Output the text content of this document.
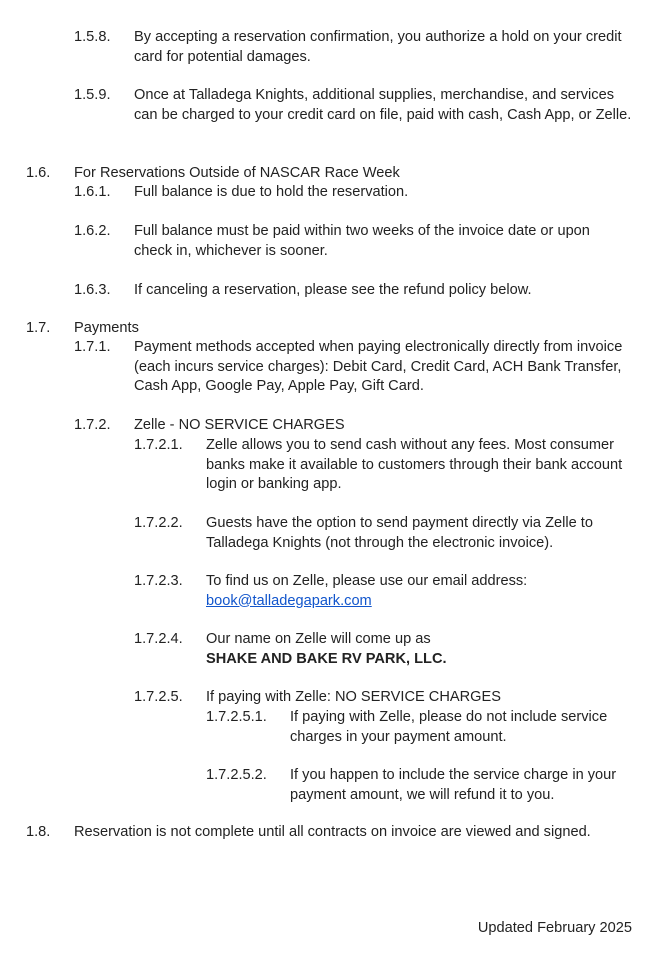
1.5.8.	By accepting a reservation confirmation, you authorize a hold on your credit card for potential damages.
1.5.9.	Once at Talladega Knights, additional supplies, merchandise, and services can be charged to your credit card on file, paid with cash, Cash App, or Zelle.
1.6.	For Reservations Outside of NASCAR Race Week
1.6.1.	Full balance is due to hold the reservation.
1.6.2.	Full balance must be paid within two weeks of the invoice date or upon check in, whichever is sooner.
1.6.3.	If canceling a reservation, please see the refund policy below.
1.7.	Payments
1.7.1.	Payment methods accepted when paying electronically directly from invoice (each incurs service charges): Debit Card, Credit Card, ACH Bank Transfer, Cash App, Google Pay, Apple Pay, Gift Card.
1.7.2.	Zelle - NO SERVICE CHARGES
1.7.2.1.	Zelle allows you to send cash without any fees. Most consumer banks make it available to customers through their bank account login or banking app.
1.7.2.2.	Guests have the option to send payment directly via Zelle to Talladega Knights (not through the electronic invoice).
1.7.2.3.	To find us on Zelle, please use our email address:
book@talladegapark.com
1.7.2.4.	Our name on Zelle will come up as
SHAKE AND BAKE RV PARK, LLC.
1.7.2.5.	If paying with Zelle: NO SERVICE CHARGES
1.7.2.5.1.	If paying with Zelle, please do not include service charges in your payment amount.
1.7.2.5.2.	If you happen to include the service charge in your payment amount, we will refund it to you.
1.8.	Reservation is not complete until all contracts on invoice are viewed and signed.
Updated February 2025
